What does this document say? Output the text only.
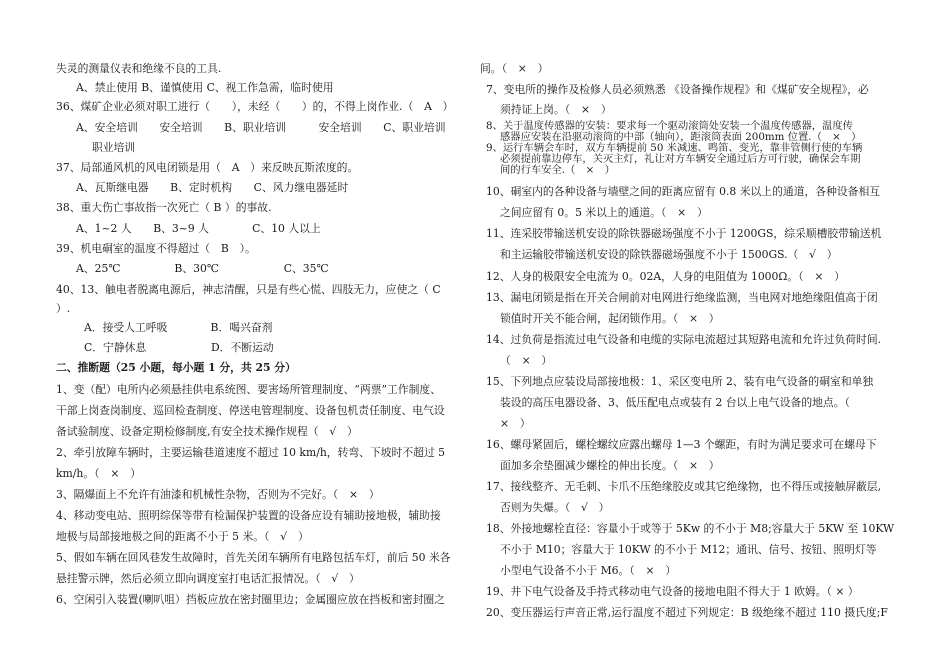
失灵的测量仪表和绝缘不良的工具.
A、禁止使用 B、谨慎使用 C、视工作急需，临时使用
36、煤矿企业必须对职工进行（　　），未经（　　）的，不得上岗作业.（　A　）
A、安全培训　　安全培训　　B、职业培训　　　安全培训　　C、职业培训
职业培训
37、局部通风机的风电闭锁是用（　A　）来反映瓦斯浓度的。
A、瓦斯继电器　　B、定时机构　　C、风力继电器延时
38、重大伤亡事故指一次死亡（ B ）的事故.
A、1~2 人　　B、3~9 人　　　　C、10 人以上
39、机电硐室的温度不得超过（　B　）。
A、25℃　　　　　B、30℃　　　　　　C、35℃
40、13、触电者脱离电源后，神志清醒，只是有些心慌、四肢无力，应使之（ C
）.
A．接受人工呼吸　　　　B．喝兴奋剂
C．宁静休息　　　　　　D．不断运动
二、推断题（25 小题，每小题 1 分，共 25 分）
1、变（配）电所内必须悬挂供电系统图、要害场所管理制度、“两票”工作制度、
干部上岗查岗制度、巡回检查制度、停送电管理制度、设备包机责任制度、电气设
备试验制度、设备定期检修制度,有安全技术操作规程（　√　）
2、牵引放障车辆时，主要运输巷道速度不超过 10 km/h，转弯、下坡时不超过 5
km/h。（　×　）
3、隔爆面上不允许有油漆和机械性杂物，否则为不完好。（　×　）
4、移动变电站、照明综保等带有检漏保护装置的设备应设有辅助接地极，辅助接
地极与局部接地极之间的距离不小于 5 米。（　√　）
5、假如车辆在回风巷发生故障时，首先关闭车辆所有电路包括车灯，前后 50 米各
悬挂警示牌，然后必须立即向调度室打电话汇报情况。（　√　）
6、空闲引入装置(喇叭咀）挡板应放在密封圈里边；金属圈应放在挡板和密封圈之
间。（　×　）
7、变电所的操作及检修人员必须熟悉 《设备操作规程》和《煤矿安全规程》，必
须持证上岗。（　×　）
8、关于温度传感器的安装：要求每一个驱动滚筒处安装一个温度传感器，温度传
感器应安装在沿驱动滚筒的中部（轴向），距滚筒表面 200mm 位置.（　×　）
9、运行车辆会车时，双方车辆提前 50 米减速、鸣笛、变光，靠非管侧行使的车辆
必须提前靠边停车，关灭主灯，礼让对方车辆安全通过后方可行驶，确保会车期
间的行车安全.（　×　）
10、硐室内的各种设备与墙壁之间的距离应留有 0.8 米以上的通道，各种设备相互
之间应留有 0。5 米以上的通道。（　×　）
11、连采胶带输送机安设的除铁器磁场强度不小于 1200GS，综采顺槽胶带输送机
和主运输胶带输送机安设的除铁器磁场强度不小于 1500GS.（　√　）
12、人身的极限安全电流为 0。02A，人身的电阻值为 1000Ω。（　×　）
13、漏电闭锁是指在开关合闸前对电网进行绝缘监测，当电网对地绝缘阻值高于闭
锁值时开关不能合闸，起闭锁作用。（　×　）
14、过负荷是指流过电气设备和电缆的实际电流超过其短路电流和允许过负荷时间.
（　×　）
15、下列地点应装设局部接地极：1、采区变电所 2、装有电气设备的硐室和单独
装设的高压电器设备、3、低压配电点或装有 2 台以上电气设备的地点。（
×　）
16、螺母紧固后，螺栓螺纹应露出螺母 1—3 个螺距，有时为满足要求可在螺母下
面加多余垫圈减少螺栓的伸出长度。（　×　）
17、接线整齐、无毛刺、卡爪不压绝缘胶皮或其它绝缘物，也不得压或接触屏蔽层,
否则为失爆。（　√　）
18、外接地螺栓直径：容量小于或等于 5Kw 的不小于 M8;容量大于 5KW 至 10KW
不小于 M10；容量大于 10KW 的不小于 M12；通讯、信号、按钮、照明灯等
小型电气设备不小于 M6。（　×　）
19、井下电气设备及手持式移动电气设备的接地电阻不得大于 1 欧姆。（ × ）
20、变压器运行声音正常,运行温度不超过下列规定：B 级绝缘不超过 110 摄氏度;F
